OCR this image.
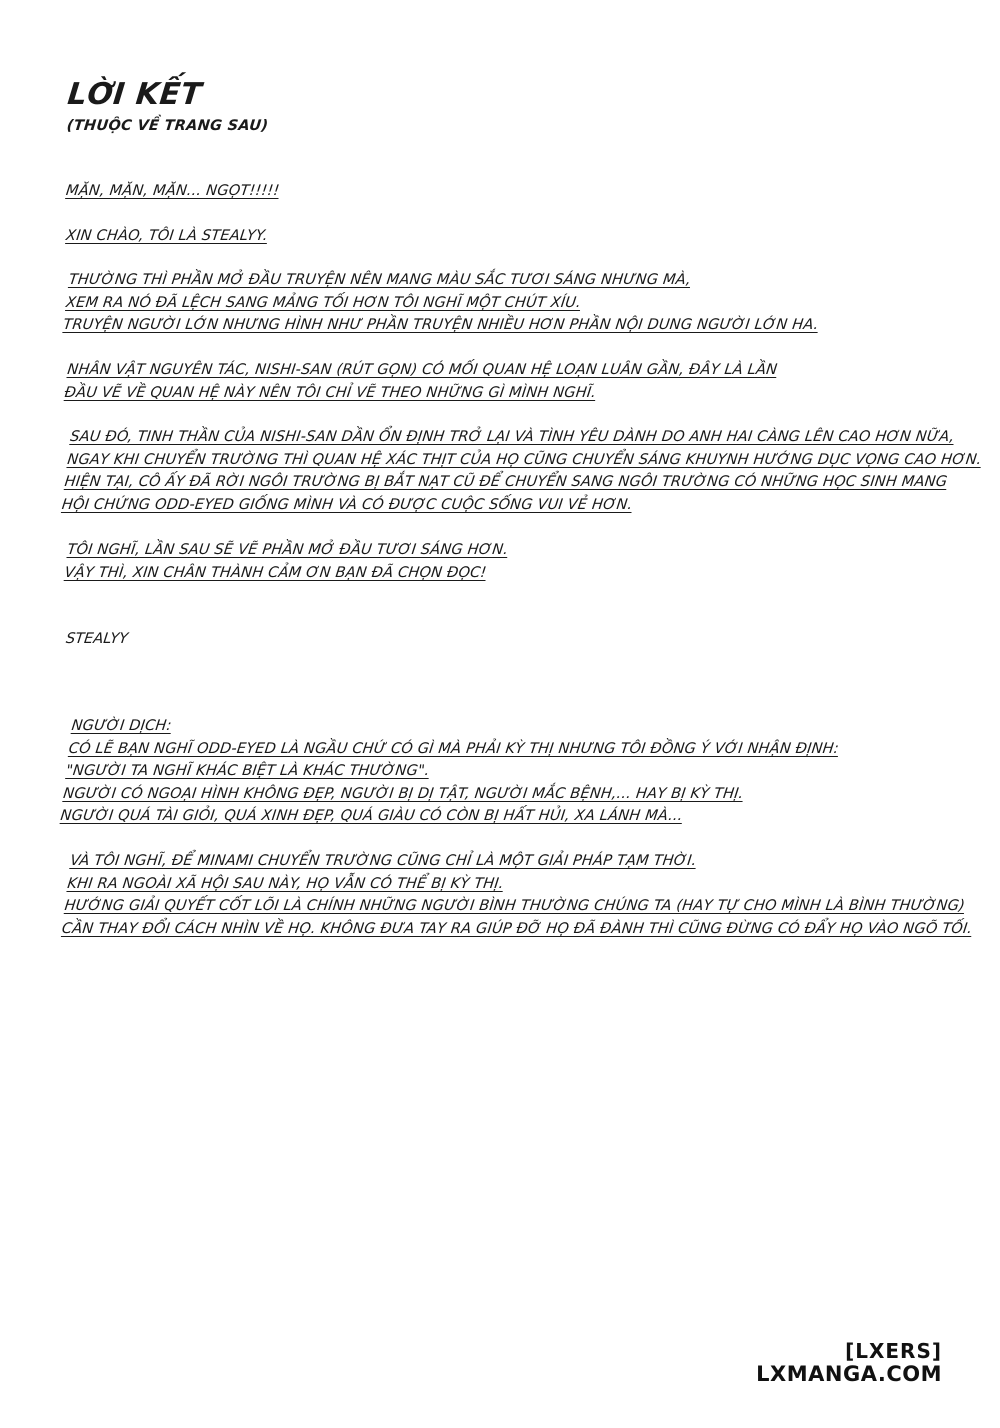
LỜI KẾT
(THUỘC VỀ TRANG SAU)

MẶN, MẶN, MẶN... NGỌT!!!!!

XIN CHÀO, TÔI LÀ STEALYY.

THƯỜNG THÌ PHẦN MỞ ĐẦU TRUYỆN NÊN MANG MÀU SẮC TƯƠI SÁNG NHƯNG MÀ,
XEM RA NÓ ĐÃ LỆCH SANG MẢNG TỐI HƠN TÔI NGHĨ MỘT CHÚT XÍU.
TRUYỆN NGƯỜI LỚN NHƯNG HÌNH NHƯ PHẦN TRUYỆN NHIỀU HƠN PHẦN NỘI DUNG NGƯỜI LỚN HA.

NHÂN VẬT NGUYÊN TÁC, NISHI-SAN (RÚT GỌN) CÓ MỐI QUAN HỆ LOẠN LUÂN GẦN, ĐÂY LÀ LẦN
ĐẦU VẼ VỀ QUAN HỆ NÀY NÊN TÔI CHỈ VẼ THEO NHỮNG GÌ MÌNH NGHĨ.

SAU ĐÓ, TINH THẦN CỦA NISHI-SAN DẦN ỔN ĐỊNH TRỞ LẠI VÀ TÌNH YÊU DÀNH DO ANH HAI CÀNG LÊN CAO HƠN NỮA,
NGAY KHI CHUYỂN TRƯỜNG THÌ QUAN HỆ XÁC THỊT CỦA HỌ CŨNG CHUYỂN SÁNG KHUYNH HƯỚNG DỤC VỌNG CAO HƠN.
HIỆN TẠI, CÔ ẤY ĐÃ RỜI NGÔI TRƯỜNG BỊ BẮT NẠT CŨ ĐỂ CHUYỂN SANG NGÔI TRƯỜNG CÓ NHỮNG HỌC SINH MANG
HỘI CHỨNG ODD-EYED GIỐNG MÌNH VÀ CÓ ĐƯỢC CUỘC SỐNG VUI VẺ HƠN.

TÔI NGHĨ, LẦN SAU SẼ VẼ PHẦN MỞ ĐẦU TƯƠI SÁNG HƠN.
VẬY THÌ, XIN CHÂN THÀNH CẢM ƠN BẠN ĐÃ CHỌN ĐỌC!

STEALYY

NGƯỜI DỊCH:
CÓ LẼ BẠN NGHĨ ODD-EYED LÀ NGẦU CHỨ CÓ GÌ MÀ PHẢI KỲ THỊ NHƯNG TÔI ĐỒNG Ý VỚI NHẬN ĐỊNH:
"NGƯỜI TA NGHĨ KHÁC BIỆT LÀ KHÁC THƯỜNG".
NGƯỜI CÓ NGOẠI HÌNH KHÔNG ĐẸP, NGƯỜI BỊ DỊ TẬT, NGƯỜI MẮC BỆNH,... HAY BỊ KỲ THỊ.
NGƯỜI QUÁ TÀI GIỎI, QUÁ XINH ĐẸP, QUÁ GIÀU CÓ CÒN BỊ HẤT HỦI, XA LÁNH MÀ...

VÀ TÔI NGHĨ, ĐỂ MINAMI CHUYỂN TRƯỜNG CŨNG CHỈ LÀ MỘT GIẢI PHÁP TẠM THỜI.
KHI RA NGOÀI XÃ HỘI SAU NÀY, HỌ VẪN CÓ THỂ BỊ KỲ THỊ.
HƯỚNG GIẢI QUYẾT CỐT LÕI LÀ CHÍNH NHỮNG NGƯỜI BÌNH THƯỜNG CHÚNG TA (HAY TỰ CHO MÌNH LÀ BÌNH THƯỜNG)
CẦN THAY ĐỔI CÁCH NHÌN VỀ HỌ. KHÔNG ĐƯA TAY RA GIÚP ĐỠ HỌ ĐÃ ĐÀNH THÌ CŨNG ĐỪNG CÓ ĐẨY HỌ VÀO NGÕ TỐI.

[LXERS]
LXMANGA.COM
